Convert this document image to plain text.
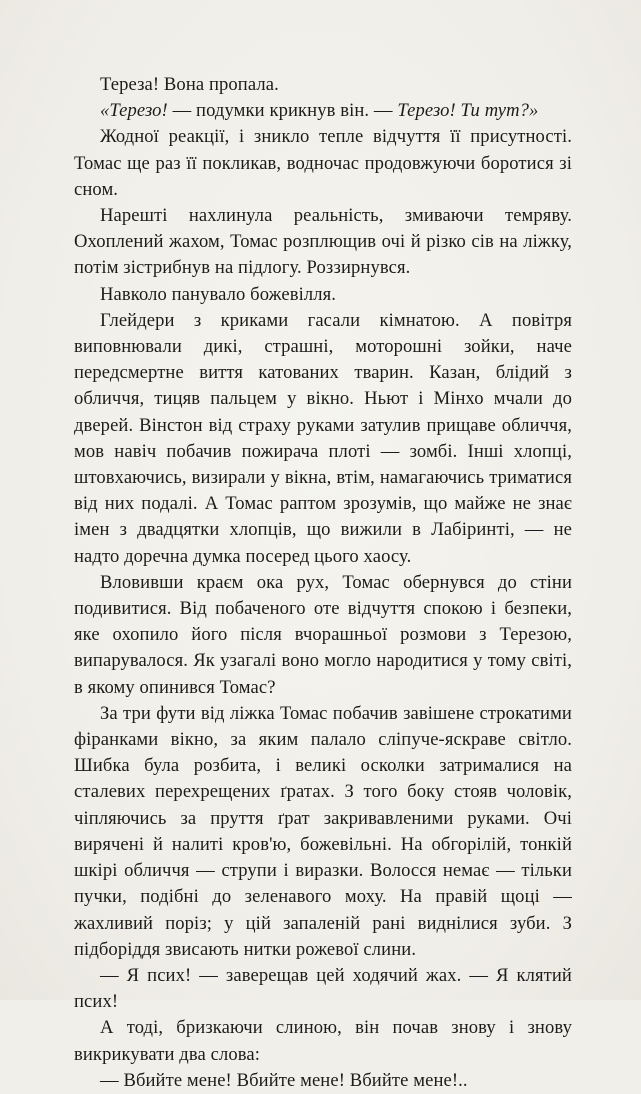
Тереза! Вона пропала.

«Терезо! — подумки крикнув він. — Терезо! Ти тут?»

Жодної реакції, і зникло тепле відчуття її присутності. Томас ще раз її покликав, водночас продовжуючи боротися зі сном.

Нарешті нахлинула реальність, змиваючи темряву. Охоплений жахом, Томас розплющив очі й різко сів на ліжку, потім зістрибнув на підлогу. Роззирнувся.

Навколо панувало божевілля.

Глейдери з криками гасали кімнатою. А повітря виповнювали дикі, страшні, моторошні зойки, наче передсмертне виття катованих тварин. Казан, блідий з обличчя, тицяв пальцем у вікно. Ньют і Мінхо мчали до дверей. Вінстон від страху руками затулив прищаве обличчя, мов навіч побачив пожирача плоті — зомбі. Інші хлопці, штовхаючись, визирали у вікна, втім, намагаючись триматися від них подалі. А Томас раптом зрозумів, що майже не знає імен з двадцятки хлопців, що вижили в Лабіринті, — не надто доречна думка посеред цього хаосу.

Вловивши краєм ока рух, Томас обернувся до стіни подивитися. Від побаченого оте відчуття спокою і безпеки, яке охопило його після вчорашньої розмови з Терезою, випарувалося. Як узагалі воно могло народитися у тому світі, в якому опинився Томас?

За три фути від ліжка Томас побачив завішене строкатими фіранками вікно, за яким палало сліпуче-яскраве світло. Шибка була розбита, і великі осколки затрималися на сталевих перехрещених ґратах. З того боку стояв чоловік, чіпляючись за пруття ґрат закривавленими руками. Очі вирячені й налиті кров'ю, божевільні. На обгорілій, тонкій шкірі обличчя — струпи і виразки. Волосся немає — тільки пучки, подібні до зеленавого моху. На правій щоці — жахливий поріз; у цій запаленій рані виднілися зуби. З підборіддя звисають нитки рожевої слини.

— Я псих! — заверещав цей ходячий жах. — Я клятий псих!

А тоді, бризкаючи слиною, він почав знову і знову викрикувати два слова:

— Вбийте мене! Вбийте мене! Вбийте мене!..
